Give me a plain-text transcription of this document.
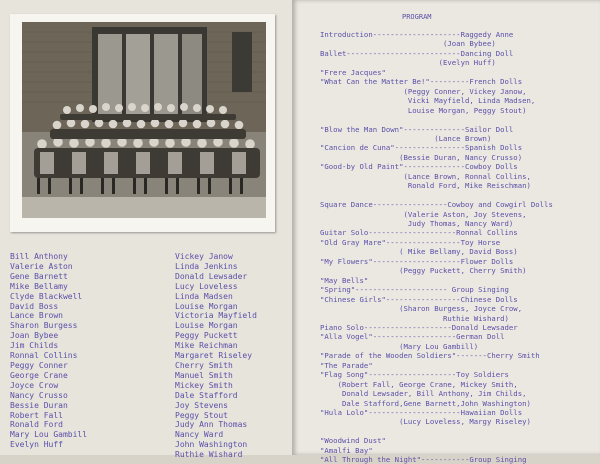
Bill Anthony
Valerie Aston
Gene Barnett
Mike Bellamy
Clyde Blackwell
David Boss
Lance Brown
Sharon Burgess
Joan Bybee
Jim Childs
Ronnal Collins
Peggy Conner
George Crane
Joyce Crow
Nancy Crusso
Bessie Duran
Robert Fall
Ronald Ford
Mary Lou Gambill
Evelyn Huff
Vickey Janow
Linda Jenkins
Donald Lewsader
Lucy Loveless
Linda Madsen
Louise Morgan
Victoria Mayfield
Louise Morgan
Peggy Puckett
Mike Reichman
Margaret Riseley
Cherry Smith
Manuel Smith
Mickey Smith
Dale Stafford
Joy Stevens
Peggy Stout
Judy Ann Thomas
Nancy Ward
John Washington
Ruthie Wishard
PROGRAM
Introduction--------------------Raggedy Anne
(Joan Bybee)
Ballet--------------------------Dancing Doll
(Evelyn Huff)
"Frere Jacques"
"What Can the Matter Be!"---------French Dolls
(Peggy Conner, Vickey Janow,
Vicki Mayfield, Linda Madsen,
Louise Morgan, Peggy Stout)
"Blow the Man Down"--------------Sailor Doll
(Lance Brown)
"Cancion de Cuna"----------------Spanish Dolls
(Bessie Duran, Nancy Crusso)
"Good-by Old Paint"--------------Cowboy Dolls
(Lance Brown, Ronnal Collins,
Ronald Ford, Mike Reischman)
Square Dance-----------------Cowboy and Cowgirl Dolls
(Valerie Aston, Joy Stevens,
Judy Thomas, Nancy Ward)
Guitar Solo--------------------Ronnal Collins
"Old Gray Mare"-----------------Toy Horse
( Mike Bellamy, David Boss)
"My Flowers"--------------------Flower Dolls
(Peggy Puckett, Cherry Smith)
"May Bells"
"Spring"--------------------- Group Singing
"Chinese Girls"-----------------Chinese Dolls
(Sharon Burgess, Joyce Crow,
Ruthie Wishard)
Piano Solo--------------------Donald Lewsader
"Alla Vogel"-------------------German Doll
(Mary Lou Gambill)
"Parade of the Wooden Soldiers"-------Cherry Smith
"The Parade"
"Flag Song"--------------------Toy Soldiers
(Robert Fall, George Crane, Mickey Smith,
Donald Lewsader, Bill Anthony, Jim Childs,
Dale Stafford,Gene Barnett,John Washington)
"Hula Lolo"---------------------Hawaiian Dolls
(Lucy Loveless, Margy Riseley)
"Woodwind Dust"
"Amalfi Bay"
"All Through the Night"-----------Group Singing
